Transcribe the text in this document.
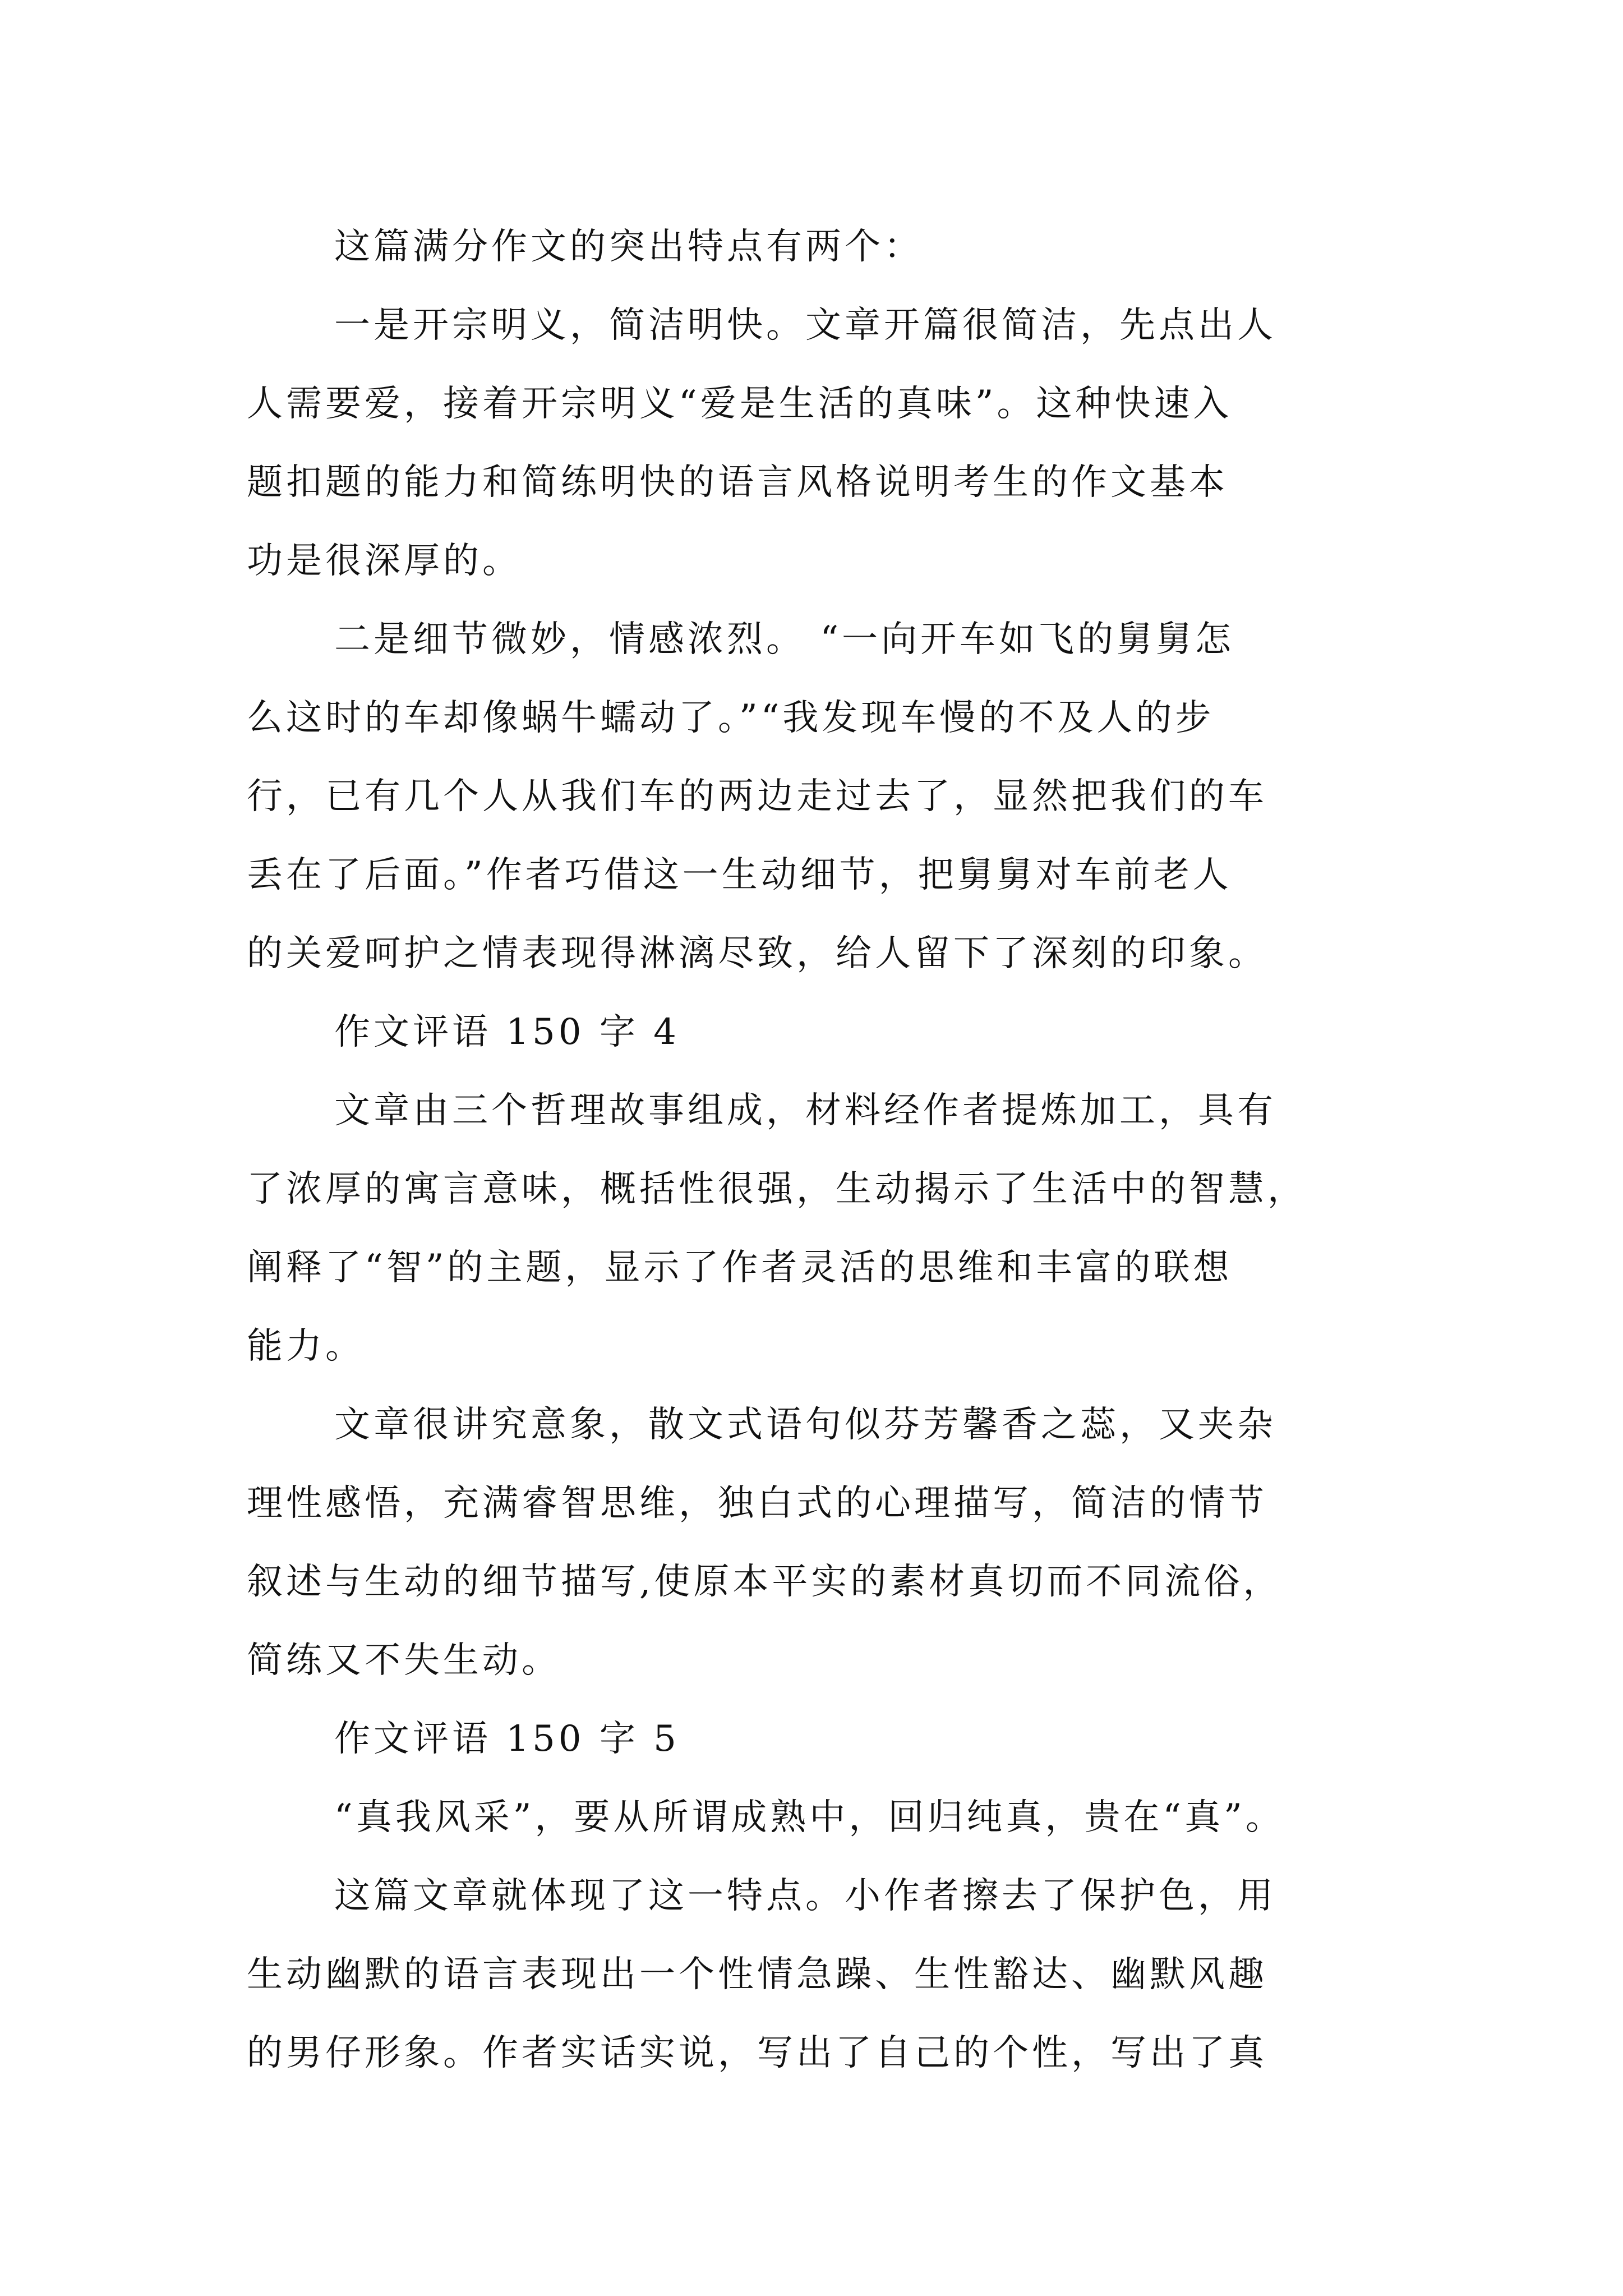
这篇满分作文的突出特点有两个：
一是开宗明义，简洁明快。文章开篇很简洁，先点出人
人需要爱，接着开宗明义“爱是生活的真味”。这种快速入
题扣题的能力和简练明快的语言风格说明考生的作文基本
功是很深厚的。
二是细节微妙，情感浓烈。 “一向开车如飞的舅舅怎
么这时的车却像蜗牛蠕动了。”“我发现车慢的不及人的步
行，已有几个人从我们车的两边走过去了，显然把我们的车
丢在了后面。”作者巧借这一生动细节，把舅舅对车前老人
的关爱呵护之情表现得淋漓尽致，给人留下了深刻的印象。
作文评语 150 字 4
文章由三个哲理故事组成，材料经作者提炼加工，具有
了浓厚的寓言意味，概括性很强，生动揭示了生活中的智慧，
阐释了“智”的主题，显示了作者灵活的思维和丰富的联想
能力。
文章很讲究意象，散文式语句似芬芳馨香之蕊，又夹杂
理性感悟，充满睿智思维，独白式的心理描写，简洁的情节
叙述与生动的细节描写,使原本平实的素材真切而不同流俗，
简练又不失生动。
作文评语 150 字 5
“真我风采”，要从所谓成熟中，回归纯真，贵在“真”。
这篇文章就体现了这一特点。小作者擦去了保护色，用
生动幽默的语言表现出一个性情急躁、生性豁达、幽默风趣
的男仔形象。作者实话实说，写出了自己的个性，写出了真
